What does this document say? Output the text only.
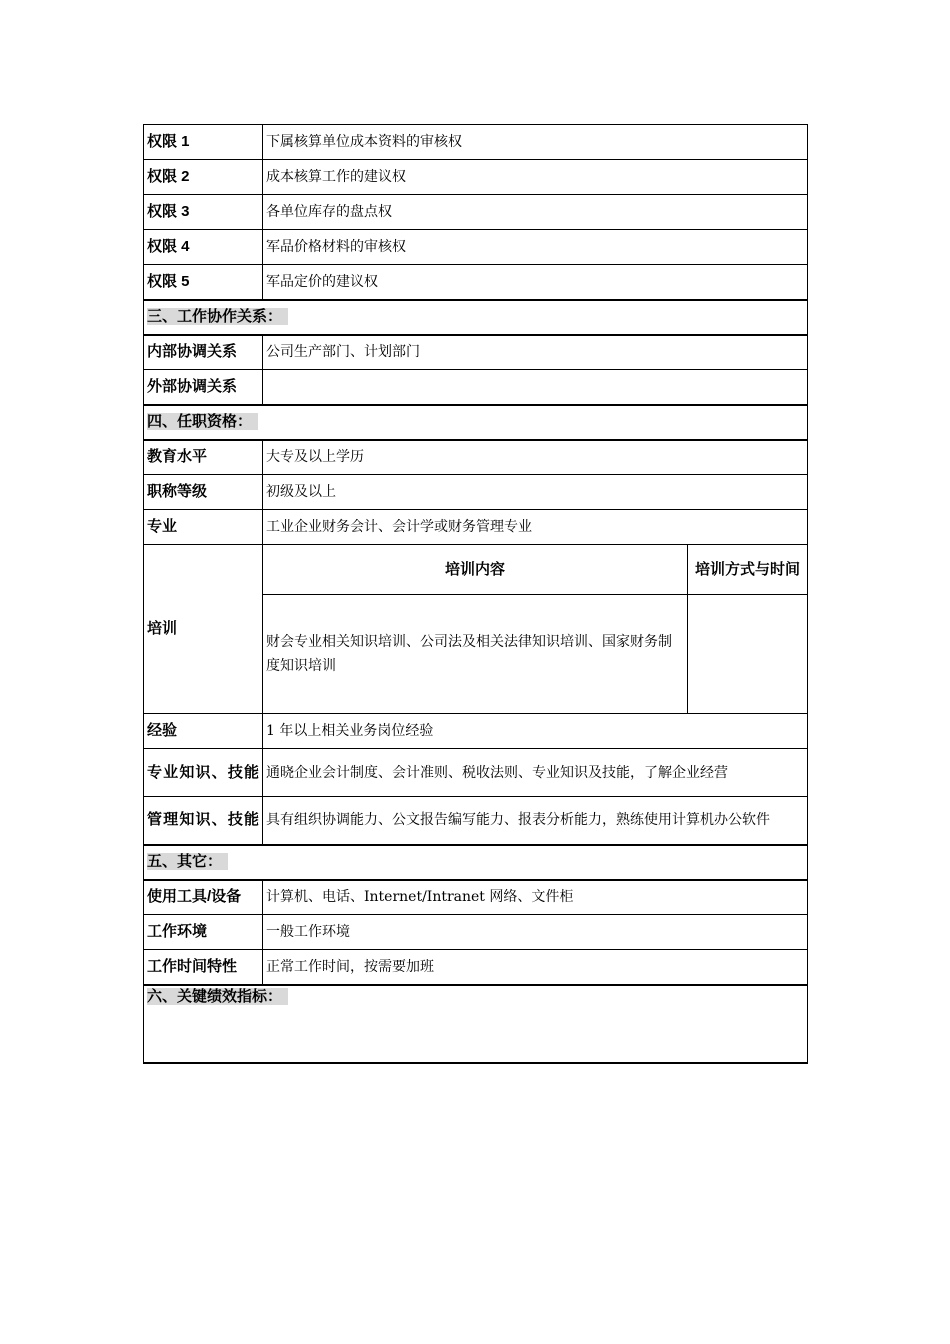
权限 1	下属核算单位成本资料的审核权	
权限 2	成本核算工作的建议权	
权限 3	各单位库存的盘点权	
权限 4	军品价格材料的审核权	
权限 5	军品定价的建议权	
三、工作协作关系：		
内部协调关系	公司生产部门、计划部门	
外部协调关系		
四、任职资格：		
教育水平	大专及以上学历	
职称等级	初级及以上	
专业	工业企业财务会计、会计学或财务管理专业	
培训	培训内容	培训方式与时间
	财会专业相关知识培训、公司法及相关法律知识培训、国家财务制度知识培训	
经验	1 年以上相关业务岗位经验	

专业知识、技能	通晓企业会计制度、会计准则、税收法则、专业知识及技能，了解企业经营	

管理知识、技能	具有组织协调能力、公文报告编写能力、报表分析能力，熟练使用计算机办公软件	
五、其它：		
使用工具/设备	计算机、电话、Internet/Intranet 网络、文件柜	
工作环境	一般工作环境	
工作时间特性	正常工作时间，按需要加班	
六、关键绩效指标：		
